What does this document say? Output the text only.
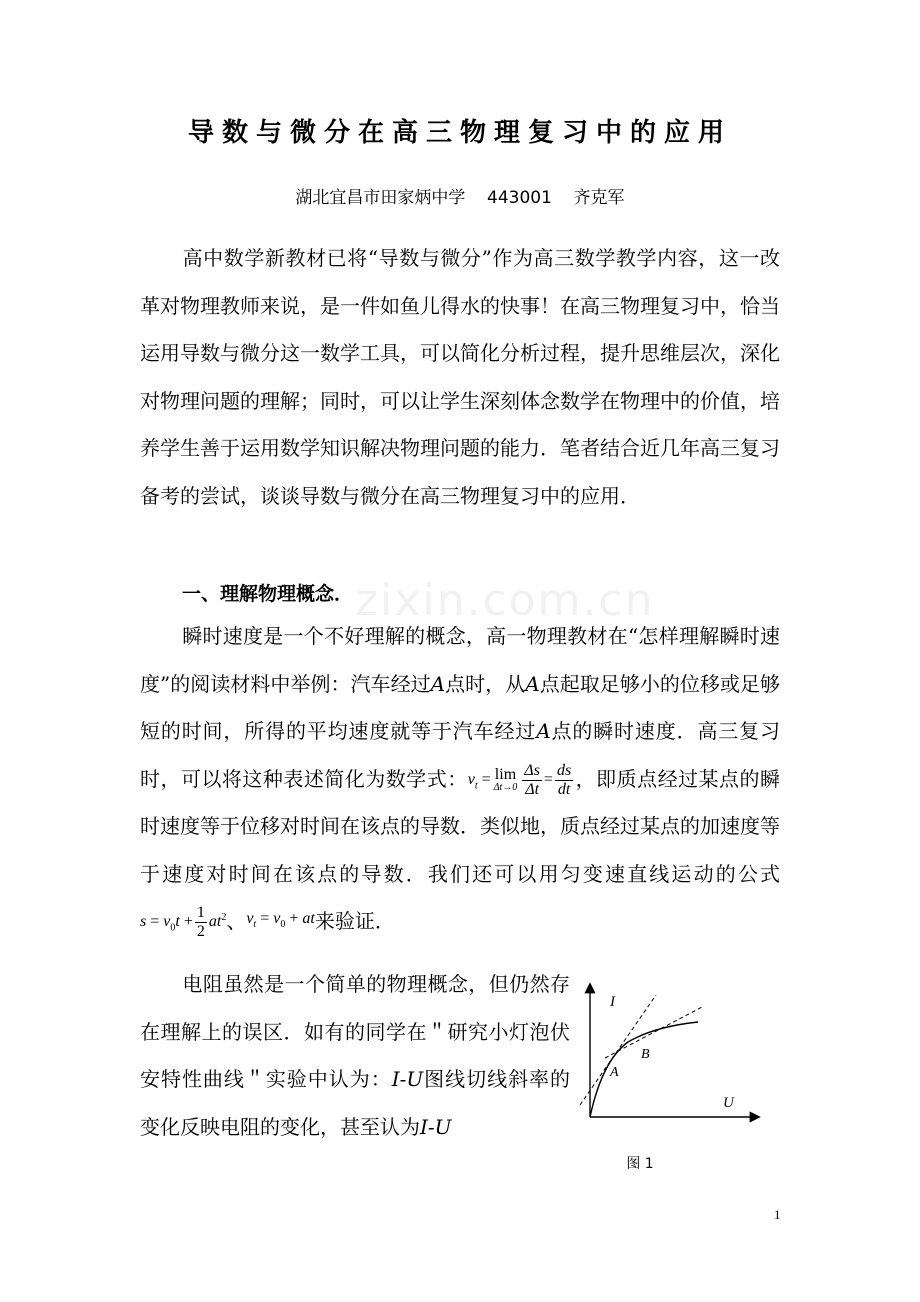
导数与微分在高三物理复习中的应用
湖北宜昌市田家炳中学    443001    齐克军

高中数学新教材已将“导数与微分”作为高三数学教学内容，这一改革对物理教师来说，是一件如鱼儿得水的快事！在高三物理复习中，恰当运用导数与微分这一数学工具，可以简化分析过程，提升思维层次，深化对物理问题的理解；同时，可以让学生深刻体念数学在物理中的价值，培养学生善于运用数学知识解决物理问题的能力．笔者结合近几年高三复习备考的尝试，谈谈导数与微分在高三物理复习中的应用．

一、理解物理概念．

瞬时速度是一个不好理解的概念，高一物理教材在“怎样理解瞬时速度”的阅读材料中举例：汽车经过A点时，从A点起取足够小的位移或足够短的时间，所得的平均速度就等于汽车经过A点的瞬时速度．高三复习时，可以将这种表述简化为数学式：$v_t = \lim$
$\Delta t\to 0 \frac{\Delta s}{\Delta t} = \frac{ds}{dt}$ ，即质点经过某点的瞬时速度等于位移对时间在该点的导数．类似地，质点经过某点的加速度等于速度对时间在该点的导数．我们还可以用匀变速直线运动的公式$s = v_0t + \frac{1}{2} at^2$、$v_t = v_0$ + at来验证．

电阻虽然是一个简单的物理概念，但仍然存在理解上的误区．如有的同学在＂研究小灯泡伏安特性曲线＂实验中认为：I-U图线切线斜率的变化反映电阻的变化，甚至认为I-U

I
U
A
B
图 1
1
zixin.com.cn
